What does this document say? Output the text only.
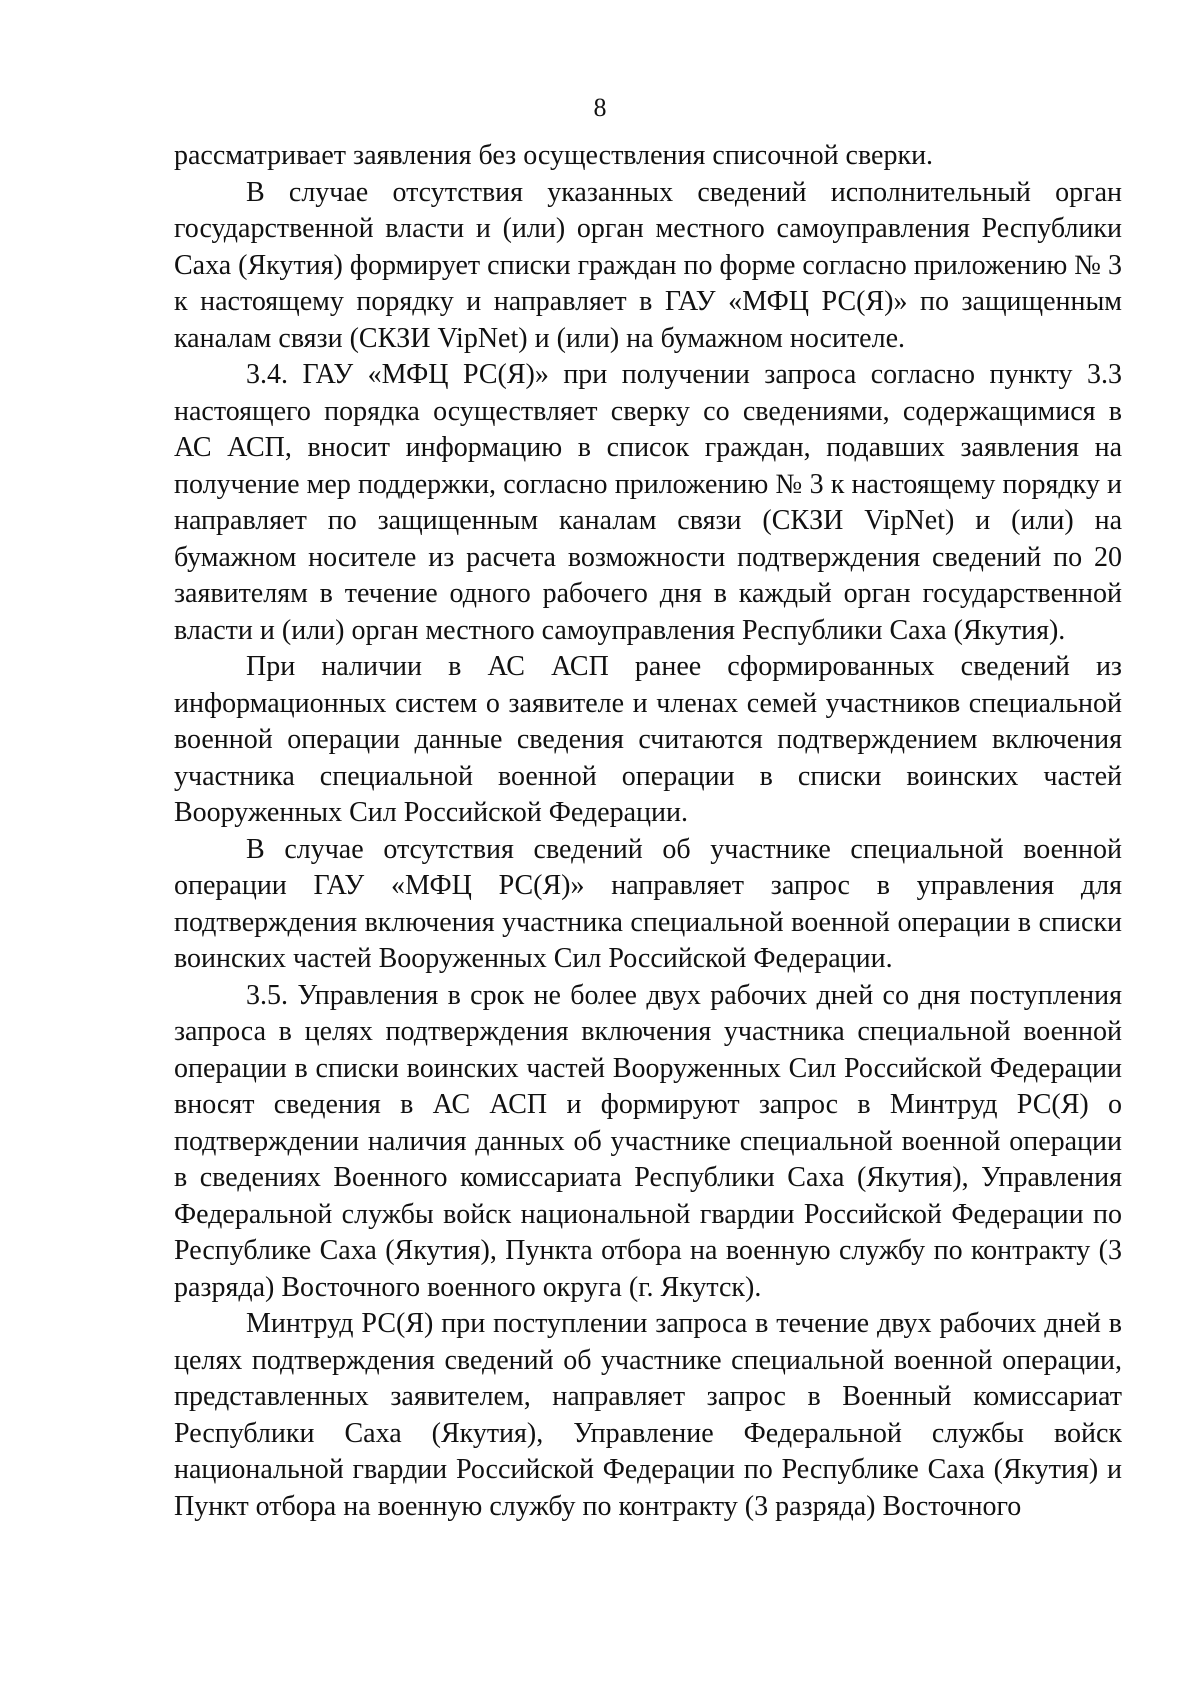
8

рассматривает заявления без осуществления списочной сверки.

В случае отсутствия указанных сведений исполнительный орган государственной власти и (или) орган местного самоуправления Республики Саха (Якутия) формирует списки граждан по форме согласно приложению № 3 к настоящему порядку и направляет в ГАУ «МФЦ РС(Я)» по защищенным каналам связи (СКЗИ VipNet) и (или) на бумажном носителе.

3.4. ГАУ «МФЦ РС(Я)» при получении запроса согласно пункту 3.3 настоящего порядка осуществляет сверку со сведениями, содержащимися в АС АСП, вносит информацию в список граждан, подавших заявления на получение мер поддержки, согласно приложению № 3 к настоящему порядку и направляет по защищенным каналам связи (СКЗИ VipNet) и (или) на бумажном носителе из расчета возможности подтверждения сведений по 20 заявителям в течение одного рабочего дня в каждый орган государственной власти и (или) орган местного самоуправления Республики Саха (Якутия).

При наличии в АС АСП ранее сформированных сведений из информационных систем о заявителе и членах семей участников специальной военной операции данные сведения считаются подтверждением включения участника специальной военной операции в списки воинских частей Вооруженных Сил Российской Федерации.

В случае отсутствия сведений об участнике специальной военной операции ГАУ «МФЦ РС(Я)» направляет запрос в управления для подтверждения включения участника специальной военной операции в списки воинских частей Вооруженных Сил Российской Федерации.

3.5. Управления в срок не более двух рабочих дней со дня поступления запроса в целях подтверждения включения участника специальной военной операции в списки воинских частей Вооруженных Сил Российской Федерации вносят сведения в АС АСП и формируют запрос в Минтруд РС(Я) о подтверждении наличия данных об участнике специальной военной операции в сведениях Военного комиссариата Республики Саха (Якутия), Управления Федеральной службы войск национальной гвардии Российской Федерации по Республике Саха (Якутия), Пункта отбора на военную службу по контракту (3 разряда) Восточного военного округа (г. Якутск).

Минтруд РС(Я) при поступлении запроса в течение двух рабочих дней в целях подтверждения сведений об участнике специальной военной операции, представленных заявителем, направляет запрос в Военный комиссариат Республики Саха (Якутия), Управление Федеральной службы войск национальной гвардии Российской Федерации по Республике Саха (Якутия) и Пункт отбора на военную службу по контракту (3 разряда) Восточного
